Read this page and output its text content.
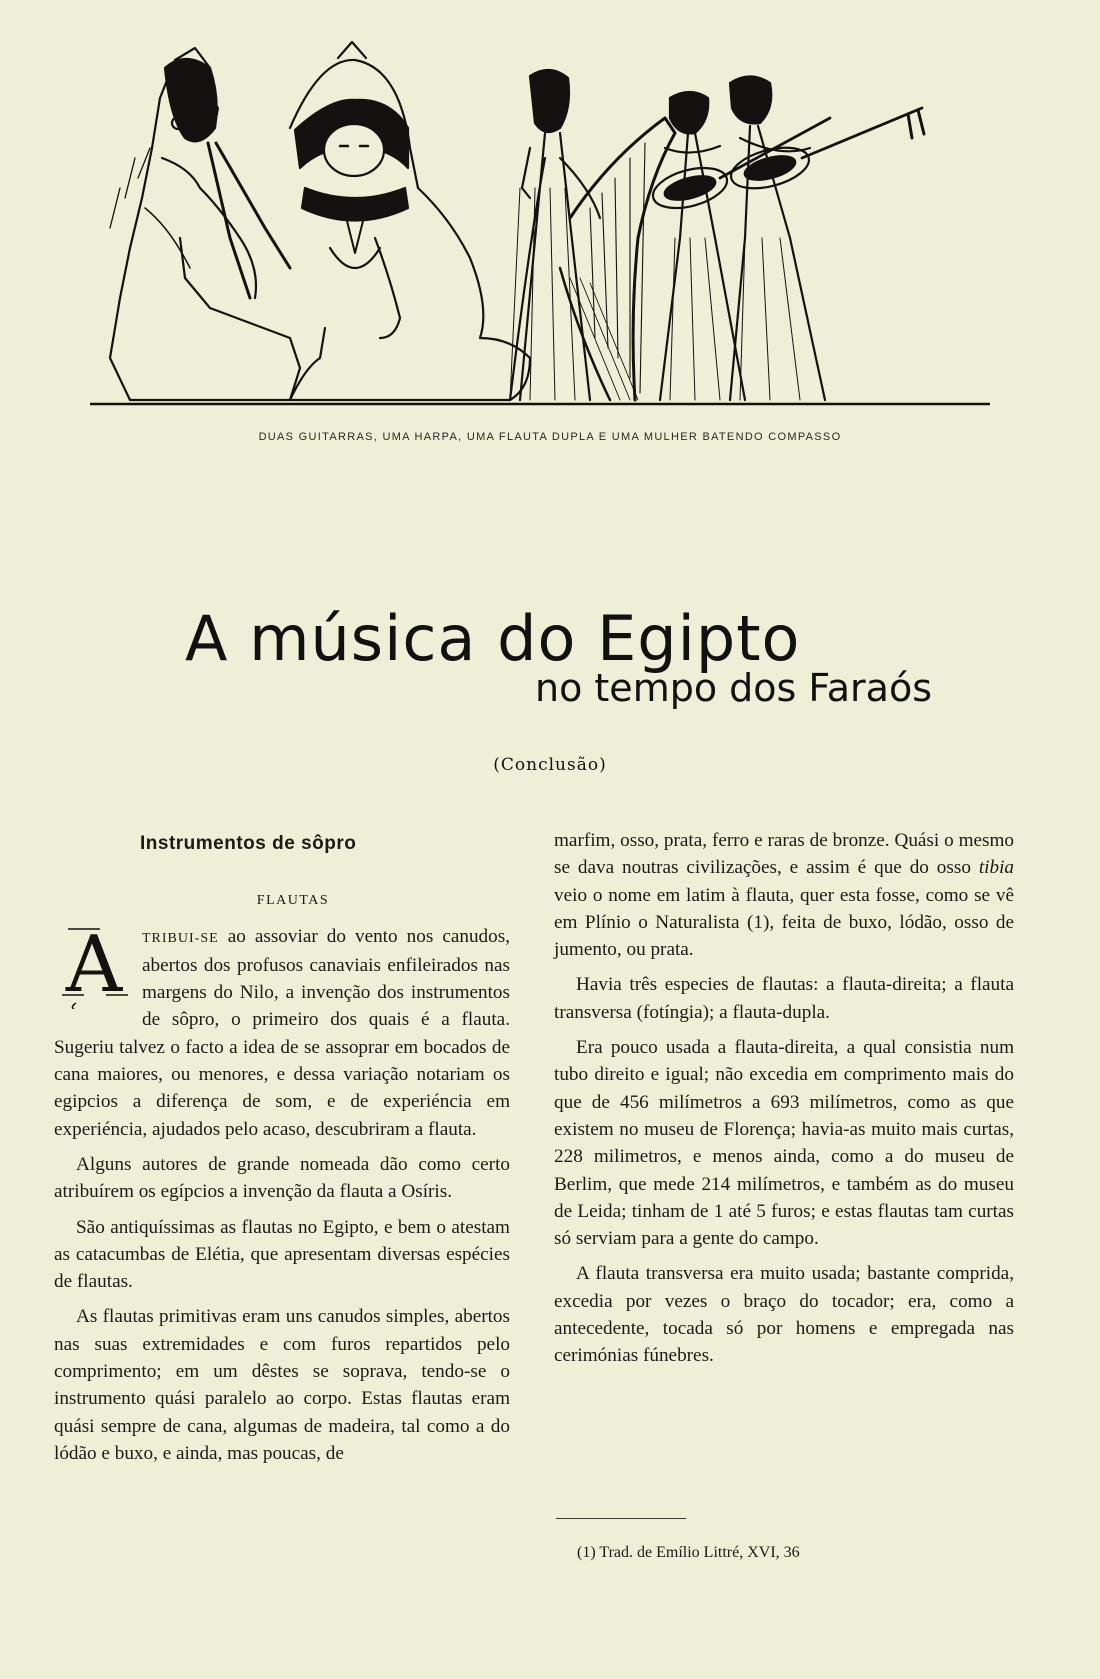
DUAS GUITARRAS, UMA HARPA, UMA FLAUTA DUPLA E UMA MULHER BATENDO COMPASSO
A música do Egipto
no tempo dos Faraós
(Conclusão)
Instrumentos de sôpro

FLAUTAS

A	TRIBUI-SE ao assoviar do vento nos canudos, abertos dos profusos canaviais enfileirados nas margens do Nilo, a invenção dos instrumentos de sôpro, o primeiro dos quais é a flauta. Sugeriu talvez o facto a idea de se assoprar em bocados de cana maiores, ou menores, e dessa variação notariam os egipcios a diferença de som, e de experiéncia em experiéncia, ajudados pelo acaso, descubriram a flauta.

Alguns autores de grande nomeada dão como certo atribuírem os egípcios a invenção da flauta a Osíris.

São antiquíssimas as flautas no Egipto, e bem o atestam as catacumbas de Elétia, que apresentam diversas espécies de flautas.

As flautas primitivas eram uns canudos simples, abertos nas suas extremidades e com furos repartidos pelo comprimento; em um dêstes se soprava, tendo-se o instrumento quási paralelo ao corpo. Estas flautas eram quási sempre de cana, algumas de madeira, tal como a do lódão e buxo, e ainda, mas poucas, de

marfim, osso, prata, ferro e raras de bronze. Quási o mesmo se dava noutras civilizações, e assim é que do osso tibia veio o nome em latim à flauta, quer esta fosse, como se vê em Plínio o Naturalista (1), feita de buxo, lódão, osso de jumento, ou prata.

Havia três especies de flautas: a flauta-direita; a flauta transversa (fotíngia); a flauta-dupla.

Era pouco usada a flauta-direita, a qual consistia num tubo direito e igual; não excedia em comprimento mais do que de 456 milímetros a 693 milímetros, como as que existem no museu de Florença; havia-as muito mais curtas, 228 milimetros, e menos ainda, como a do museu de Berlim, que mede 214 milímetros, e também as do museu de Leida; tinham de 1 até 5 furos; e estas flautas tam curtas só serviam para a gente do campo.

A flauta transversa era muito usada; bastante comprida, excedia por vezes o braço do tocador; era, como a antecedente, tocada só por homens e empregada nas cerimónias fúnebres.

(1) Trad. de Emílio Littré, XVI, 36
